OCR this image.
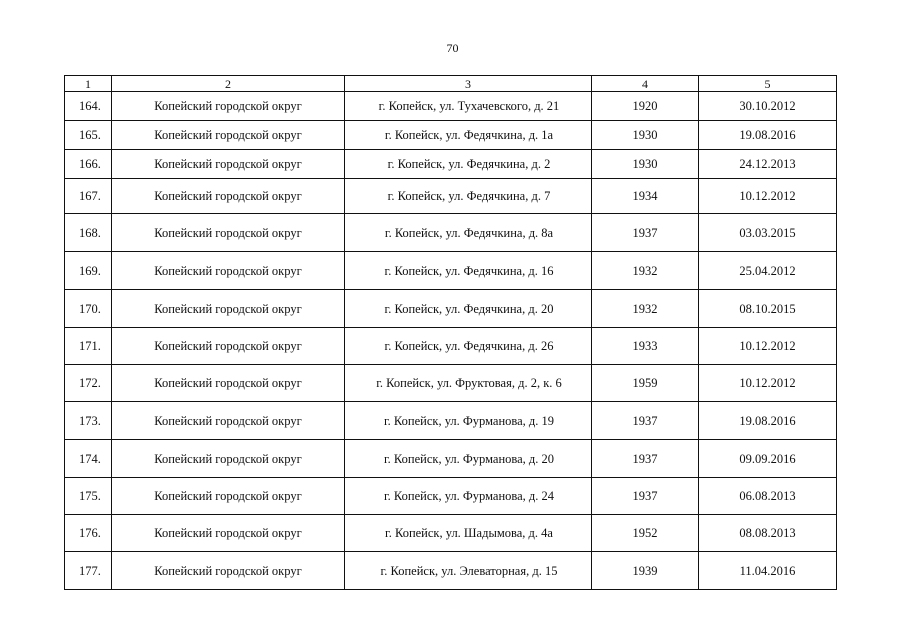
70
1	2	3	4	5
164.	Копейский городской округ	г. Копейск, ул. Тухачевского, д. 21	1920	30.10.2012
165.	Копейский городской округ	г. Копейск, ул. Федячкина, д. 1а	1930	19.08.2016
166.	Копейский городской округ	г. Копейск, ул. Федячкина, д. 2	1930	24.12.2013
167.	Копейский городской округ	г. Копейск, ул. Федячкина, д. 7	1934	10.12.2012
168.	Копейский городской округ	г. Копейск, ул. Федячкина, д. 8а	1937	03.03.2015
169.	Копейский городской округ	г. Копейск, ул. Федячкина, д. 16	1932	25.04.2012
170.	Копейский городской округ	г. Копейск, ул. Федячкина, д. 20	1932	08.10.2015
171.	Копейский городской округ	г. Копейск, ул. Федячкина, д. 26	1933	10.12.2012
172.	Копейский городской округ	г. Копейск, ул. Фруктовая, д. 2, к. 6	1959	10.12.2012
173.	Копейский городской округ	г. Копейск, ул. Фурманова, д. 19	1937	19.08.2016
174.	Копейский городской округ	г. Копейск, ул. Фурманова, д. 20	1937	09.09.2016
175.	Копейский городской округ	г. Копейск, ул. Фурманова, д. 24	1937	06.08.2013
176.	Копейский городской округ	г. Копейск, ул. Шадымова, д. 4а	1952	08.08.2013
177.	Копейский городской округ	г. Копейск, ул. Элеваторная, д. 15	1939	11.04.2016
